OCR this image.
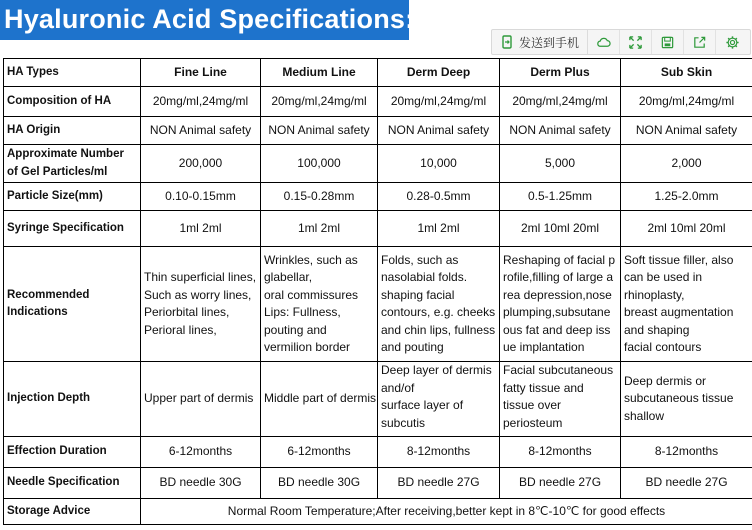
Hyaluronic Acid Specifications:
发送到手机
HA Types	Fine Line	Medium Line	Derm Deep	Derm Plus	Sub Skin
Composition of HA	20mg/ml,24mg/ml	20mg/ml,24mg/ml	20mg/ml,24mg/ml	20mg/ml,24mg/ml	20mg/ml,24mg/ml
HA Origin	NON Animal safety	NON Animal safety	NON Animal safety	NON Animal safety	NON Animal safety
Approximate Number of Gel Particles/ml	200,000	100,000	10,000	5,000	2,000
Particle Size(mm)	0.10-0.15mm	0.15-0.28mm	0.28-0.5mm	0.5-1.25mm	1.25-2.0mm
Syringe Specification	1ml 2ml	1ml 2ml	1ml 2ml	2ml 10ml 20ml	2ml 10ml 20ml
Recommended Indications	Thin superficial lines,
Such as worry lines,
Periorbital lines,
Perioral lines,	Wrinkles, such as glabellar,
oral commissures
Lips: Fullness, pouting and vermilion border	Folds, such as nasolabial folds. shaping facial contours, e.g. cheeks and chin lips, fullness and pouting	Reshaping of facial profile,filling of large area depression,nose plumping,subsutaneous fat and deep issue implantation	Soft tissue filler, also can be used in rhinoplasty,
breast augmentation
and shaping
facial contours
Injection Depth	Upper part of dermis	Middle part of dermis	Deep layer of dermis and/of
surface layer of subcutis	Facial subcutaneous fatty tissue and tissue over periosteum	Deep dermis or subcutaneous tissue shallow
Effection Duration	6-12months	6-12months	8-12months	8-12months	8-12months
Needle Specification	BD needle 30G	BD needle 30G	BD needle 27G	BD needle 27G	BD needle 27G
Storage Advice	Normal Room Temperature;After receiving,better kept in 8℃-10℃ for good effects				
